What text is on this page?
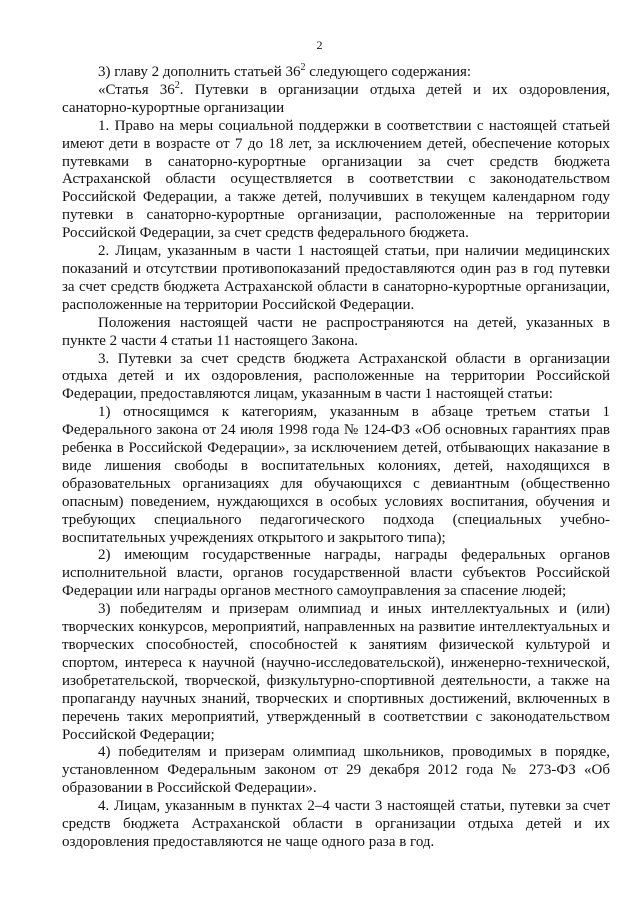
2

3) главу 2 дополнить статьей $36^2$ следующего содержания:

«Статья $36^2$. Путевки в организации отдыха детей и их оздоровления, санаторно-курортные организации

1. Право на меры социальной поддержки в соответствии с настоящей статьей имеют дети в возрасте от 7 до 18 лет, за исключением детей, обеспечение которых путевками в санаторно-курортные организации за счет средств бюджета Астраханской области осуществляется в соответствии с законодательством Российской Федерации, а также детей, получивших в текущем календарном году путевки в санаторно-курортные организации, расположенные на территории Российской Федерации, за счет средств федерального бюджета.

2. Лицам, указанным в части 1 настоящей статьи, при наличии медицинских показаний и отсутствии противопоказаний предоставляются один раз в год путевки за счет средств бюджета Астраханской области в санаторно-курортные организации, расположенные на территории Российской Федерации.

Положения настоящей части не распространяются на детей, указанных в пункте 2 части 4 статьи 11 настоящего Закона.

3. Путевки за счет средств бюджета Астраханской области в организации отдыха детей и их оздоровления, расположенные на территории Российской Федерации, предоставляются лицам, указанным в части 1 настоящей статьи:

1) относящимся к категориям, указанным в абзаце третьем статьи 1 Федерального закона от 24 июля 1998 года № 124-ФЗ «Об основных гарантиях прав ребенка в Российской Федерации», за исключением детей, отбывающих наказание в виде лишения свободы в воспитательных колониях, детей, находящихся в образовательных организациях для обучающихся с девиантным (общественно опасным) поведением, нуждающихся в особых условиях воспитания, обучения и требующих специального педагогического подхода (специальных учебно-воспитательных учреждениях открытого и закрытого типа);

2) имеющим государственные награды, награды федеральных органов исполнительной власти, органов государственной власти субъектов Российской Федерации или награды органов местного самоуправления за спасение людей;

3) победителям и призерам олимпиад и иных интеллектуальных и (или) творческих конкурсов, мероприятий, направленных на развитие интеллектуальных и творческих способностей, способностей к занятиям физической культурой и спортом, интереса к научной (научно-исследовательской), инженерно-технической, изобретательской, творческой, физкультурно-спортивной деятельности, а также на пропаганду научных знаний, творческих и спортивных достижений, включенных в перечень таких мероприятий, утвержденный в соответствии с законодательством Российской Федерации;

4) победителям и призерам олимпиад школьников, проводимых в порядке, установленном Федеральным законом от 29 декабря 2012 года № 273-ФЗ «Об образовании в Российской Федерации».

4. Лицам, указанным в пунктах 2–4 части 3 настоящей статьи, путевки за счет средств бюджета Астраханской области в организации отдыха детей и их оздоровления предоставляются не чаще одного раза в год.
